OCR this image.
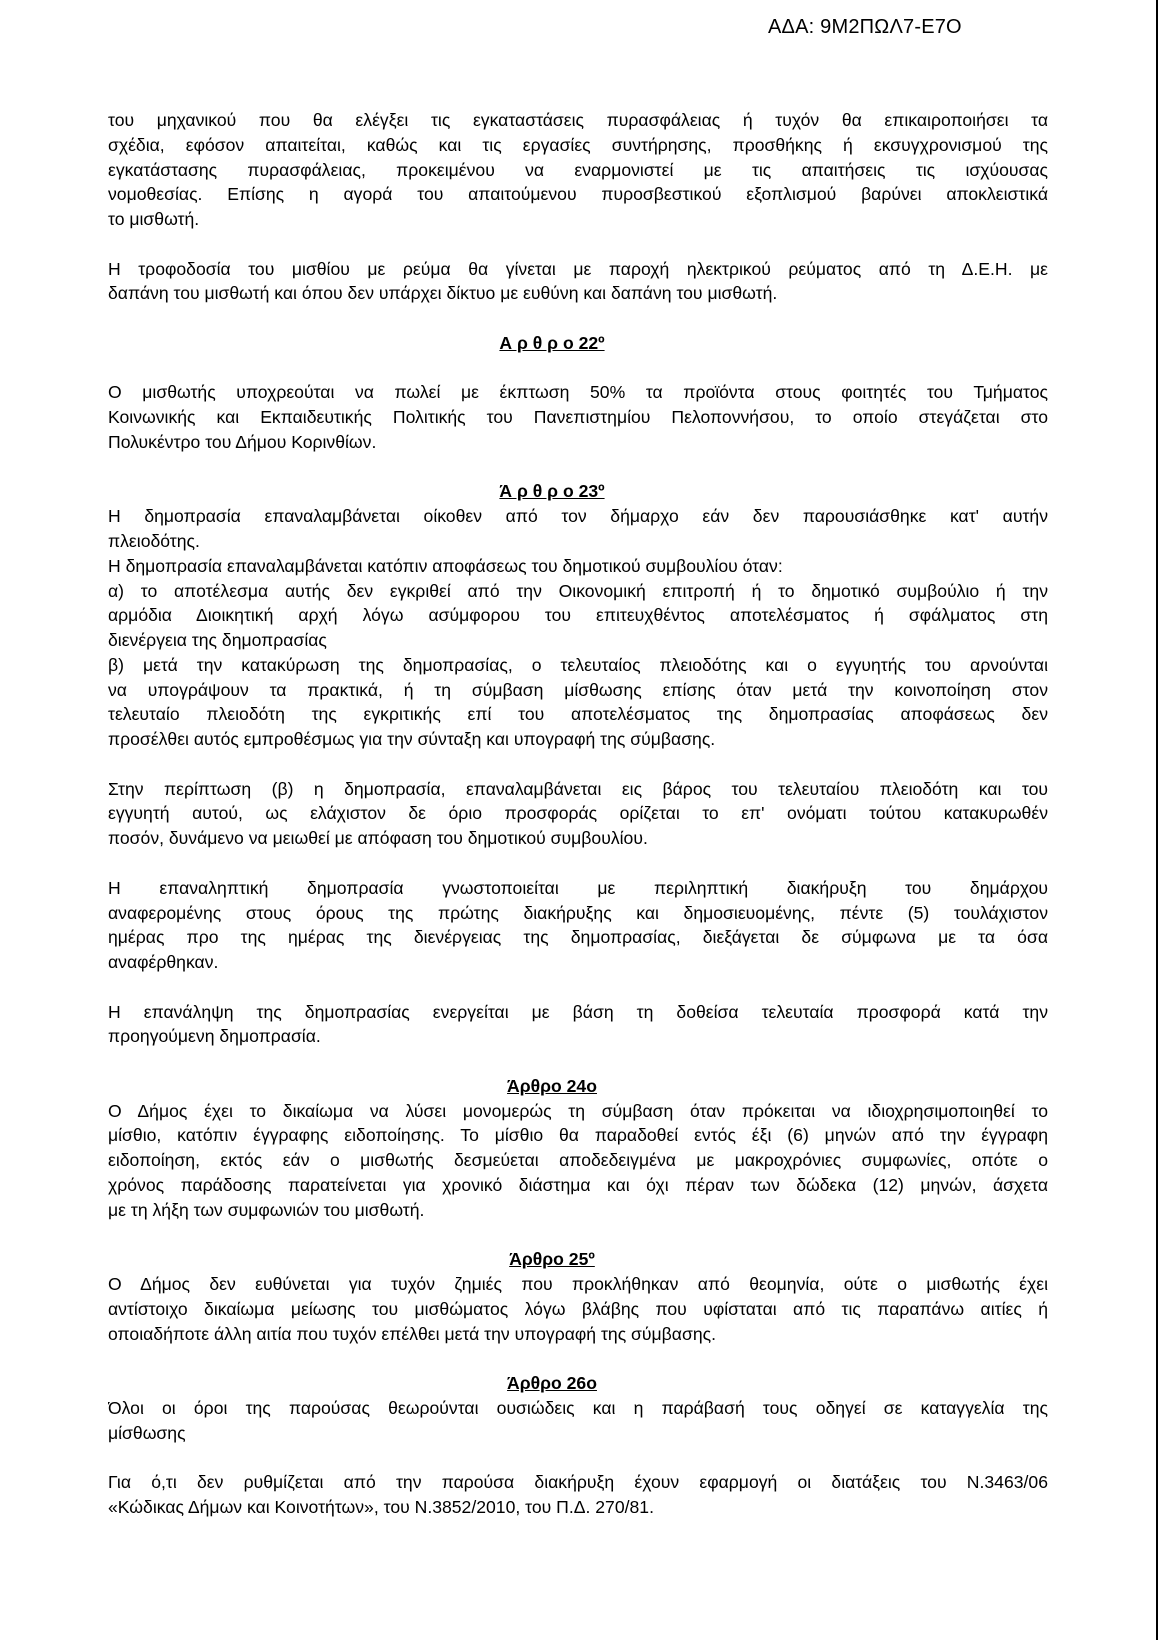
ΑΔΑ: 9Μ2ΠΩΛ7-Ε7Ο
του μηχανικού που θα ελέγξει τις εγκαταστάσεις πυρασφάλειας ή τυχόν θα επικαιροποιήσει τα
σχέδια, εφόσον απαιτείται, καθώς και τις εργασίες συντήρησης, προσθήκης ή εκσυγχρονισμού της
εγκατάστασης πυρασφάλειας, προκειμένου να εναρμονιστεί με τις απαιτήσεις τις ισχύουσας
νομοθεσίας. Επίσης η αγορά του απαιτούμενου πυροσβεστικού εξοπλισμού βαρύνει αποκλειστικά
το μισθωτή.
Η τροφοδοσία του μισθίου με ρεύμα θα γίνεται με παροχή ηλεκτρικού ρεύματος από τη Δ.Ε.Η. με
δαπάνη του μισθωτή και όπου δεν υπάρχει δίκτυο με ευθύνη και δαπάνη του μισθωτή.
Α ρ θ ρ ο 22º
Ο μισθωτής υποχρεούται να πωλεί με έκπτωση 50% τα προϊόντα στους φοιτητές του Τμήματος
Κοινωνικής και Εκπαιδευτικής Πολιτικής του Πανεπιστημίου Πελοποννήσου, το οποίο στεγάζεται στο
Πολυκέντρο του Δήμου Κορινθίων.
Ά ρ θ ρ ο 23º
Η δημοπρασία επαναλαμβάνεται οίκοθεν από τον δήμαρχο εάν δεν παρουσιάσθηκε κατ' αυτήν
πλειοδότης.
Η δημοπρασία επαναλαμβάνεται κατόπιν αποφάσεως του δημοτικού συμβουλίου όταν:
α) το αποτέλεσμα αυτής δεν εγκριθεί από την Οικονομική επιτροπή ή το δημοτικό συμβούλιο ή την
αρμόδια Διοικητική αρχή λόγω ασύμφορου του επιτευχθέντος αποτελέσματος ή σφάλματος στη
διενέργεια της δημοπρασίας
β) μετά την κατακύρωση της δημοπρασίας, ο τελευταίος πλειοδότης και ο εγγυητής του αρνούνται
να υπογράψουν τα πρακτικά, ή τη σύμβαση μίσθωσης επίσης όταν μετά την κοινοποίηση στον
τελευταίο πλειοδότη της εγκριτικής επί του αποτελέσματος της δημοπρασίας αποφάσεως δεν
προσέλθει αυτός εμπροθέσμως για την σύνταξη και υπογραφή της σύμβασης.
Στην περίπτωση (β) η δημοπρασία, επαναλαμβάνεται εις βάρος του τελευταίου πλειοδότη και του
εγγυητή αυτού, ως ελάχιστον δε όριο προσφοράς ορίζεται το επ' ονόματι τούτου κατακυρωθέν
ποσόν, δυνάμενο να μειωθεί με απόφαση του δημοτικού συμβουλίου.
Η επαναληπτική δημοπρασία γνωστοποιείται με περιληπτική διακήρυξη του δημάρχου
αναφερομένης στους όρους της πρώτης διακήρυξης και δημοσιευομένης, πέντε (5) τουλάχιστον
ημέρας προ της ημέρας της διενέργειας της δημοπρασίας, διεξάγεται δε σύμφωνα με τα όσα
αναφέρθηκαν.
Η επανάληψη της δημοπρασίας ενεργείται με βάση τη δοθείσα τελευταία προσφορά κατά την
προηγούμενη δημοπρασία.
Άρθρο 24ο
Ο Δήμος έχει το δικαίωμα να λύσει μονομερώς τη σύμβαση όταν πρόκειται να ιδιοχρησιμοποιηθεί το
μίσθιο, κατόπιν έγγραφης ειδοποίησης. Το μίσθιο θα παραδοθεί εντός έξι (6) μηνών από την έγγραφη
ειδοποίηση, εκτός εάν ο μισθωτής δεσμεύεται αποδεδειγμένα με μακροχρόνιες συμφωνίες, οπότε ο
χρόνος παράδοσης παρατείνεται για χρονικό διάστημα και όχι πέραν των δώδεκα (12) μηνών, άσχετα
με τη λήξη των συμφωνιών του μισθωτή.
Άρθρο 25º
Ο Δήμος δεν ευθύνεται για τυχόν ζημιές που προκλήθηκαν από θεομηνία, ούτε ο μισθωτής έχει
αντίστοιχο δικαίωμα μείωσης του μισθώματος λόγω βλάβης που υφίσταται από τις παραπάνω αιτίες ή
οποιαδήποτε άλλη αιτία που τυχόν επέλθει μετά την υπογραφή της σύμβασης.
Άρθρο 26ο
Όλοι οι όροι της παρούσας θεωρούνται ουσιώδεις και η παράβασή τους οδηγεί σε καταγγελία της
μίσθωσης
Για ό,τι δεν ρυθμίζεται από την παρούσα διακήρυξη έχουν εφαρμογή οι διατάξεις του Ν.3463/06
«Κώδικας Δήμων και Κοινοτήτων», του Ν.3852/2010, του Π.Δ. 270/81.
